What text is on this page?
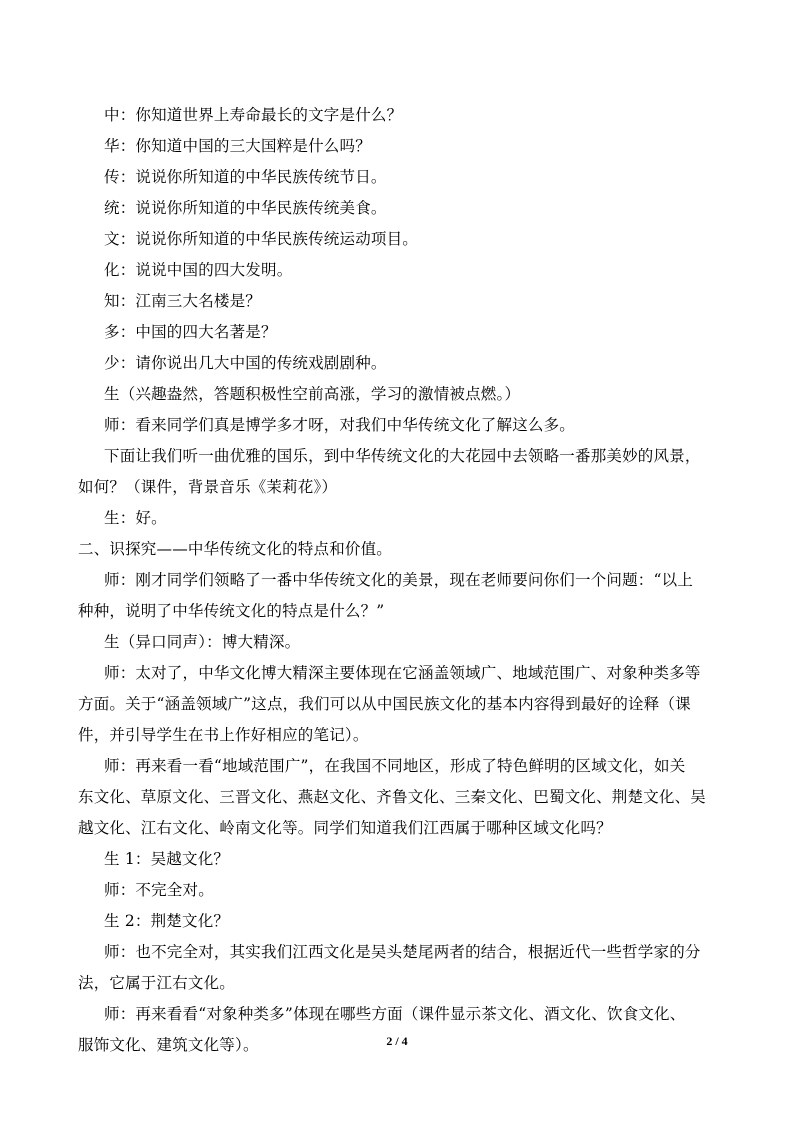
中：你知道世界上寿命最长的文字是什么？
华：你知道中国的三大国粹是什么吗？
传：说说你所知道的中华民族传统节日。
统：说说你所知道的中华民族传统美食。
文：说说你所知道的中华民族传统运动项目。
化：说说中国的四大发明。
知：江南三大名楼是？
多：中国的四大名著是？
少：请你说出几大中国的传统戏剧剧种。
生（兴趣盎然，答题积极性空前高涨，学习的激情被点燃。）
师：看来同学们真是博学多才呀，对我们中华传统文化了解这么多。
下面让我们听一曲优雅的国乐，到中华传统文化的大花园中去领略一番那美妙的风景，
如何？（课件，背景音乐《茉莉花》）
生：好。
二、识探究——中华传统文化的特点和价值。
师：刚才同学们领略了一番中华传统文化的美景，现在老师要问你们一个问题：“以上
种种，说明了中华传统文化的特点是什么？”
生（异口同声）：博大精深。
师：太对了，中华文化博大精深主要体现在它涵盖领域广、地域范围广、对象种类多等
方面。关于“涵盖领域广”这点，我们可以从中国民族文化的基本内容得到最好的诠释（课
件，并引导学生在书上作好相应的笔记）。
师：再来看一看“地域范围广”，在我国不同地区，形成了特色鲜明的区域文化，如关
东文化、草原文化、三晋文化、燕赵文化、齐鲁文化、三秦文化、巴蜀文化、荆楚文化、吴
越文化、江右文化、岭南文化等。同学们知道我们江西属于哪种区域文化吗？
生 1：吴越文化？
师：不完全对。
生 2：荆楚文化？
师：也不完全对，其实我们江西文化是吴头楚尾两者的结合，根据近代一些哲学家的分
法，它属于江右文化。
师：再来看看“对象种类多”体现在哪些方面（课件显示茶文化、酒文化、饮食文化、
服饰文化、建筑文化等）。	2 / 4
